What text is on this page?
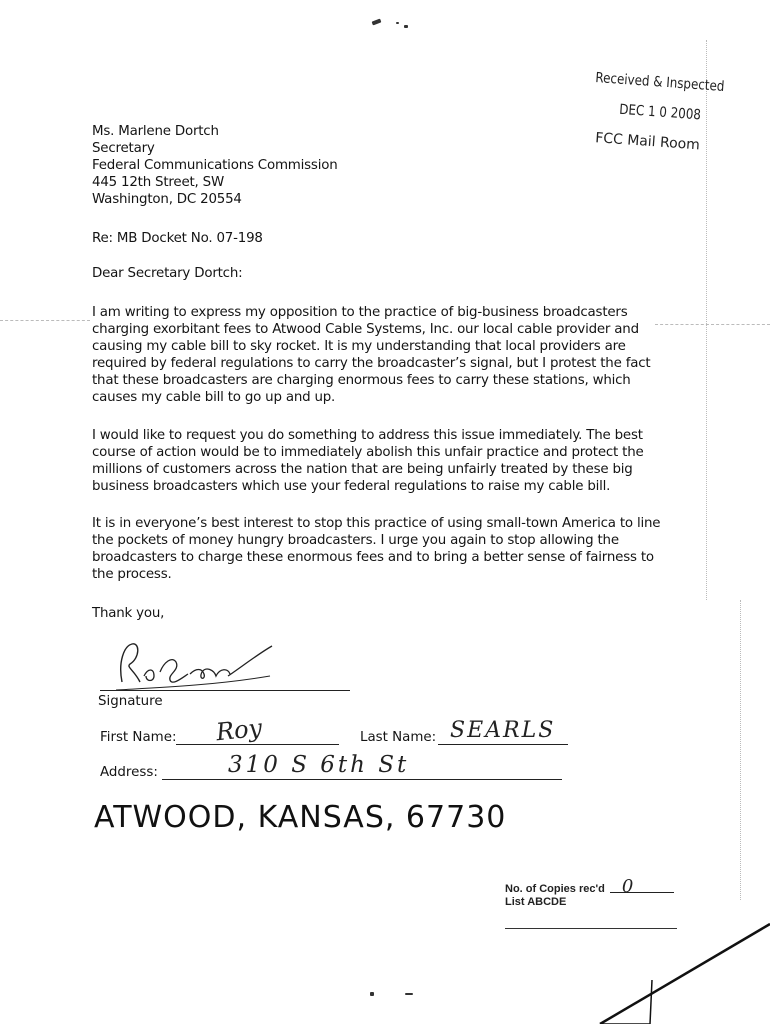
Received & Inspected
DEC 1 0 2008
FCC Mail Room
Ms. Marlene Dortch
Secretary
Federal Communications Commission
445 12th Street, SW
Washington, DC 20554
Re: MB Docket No. 07-198
Dear Secretary Dortch:
I am writing to express my opposition to the practice of big-business broadcasters charging exorbitant fees to Atwood Cable Systems, Inc. our local cable provider and causing my cable bill to sky rocket. It is my understanding that local providers are required by federal regulations to carry the broadcaster’s signal, but I protest the fact that these broadcasters are charging enormous fees to carry these stations, which causes my cable bill to go up and up.
I would like to request you do something to address this issue immediately. The best course of action would be to immediately abolish this unfair practice and protect the millions of customers across the nation that are being unfairly treated by these big business broadcasters which use your federal regulations to raise my cable bill.
It is in everyone’s best interest to stop this practice of using small-town America to line the pockets of money hungry broadcasters. I urge you again to stop allowing the broadcasters to charge these enormous fees and to bring a better sense of fairness to the process.
Thank you,
Signature
First Name: Roy	Last Name: SEARLS
Address:	310 S 6th St
ATWOOD, KANSAS, 67730
No. of Copies rec'd 0
List ABCDE
